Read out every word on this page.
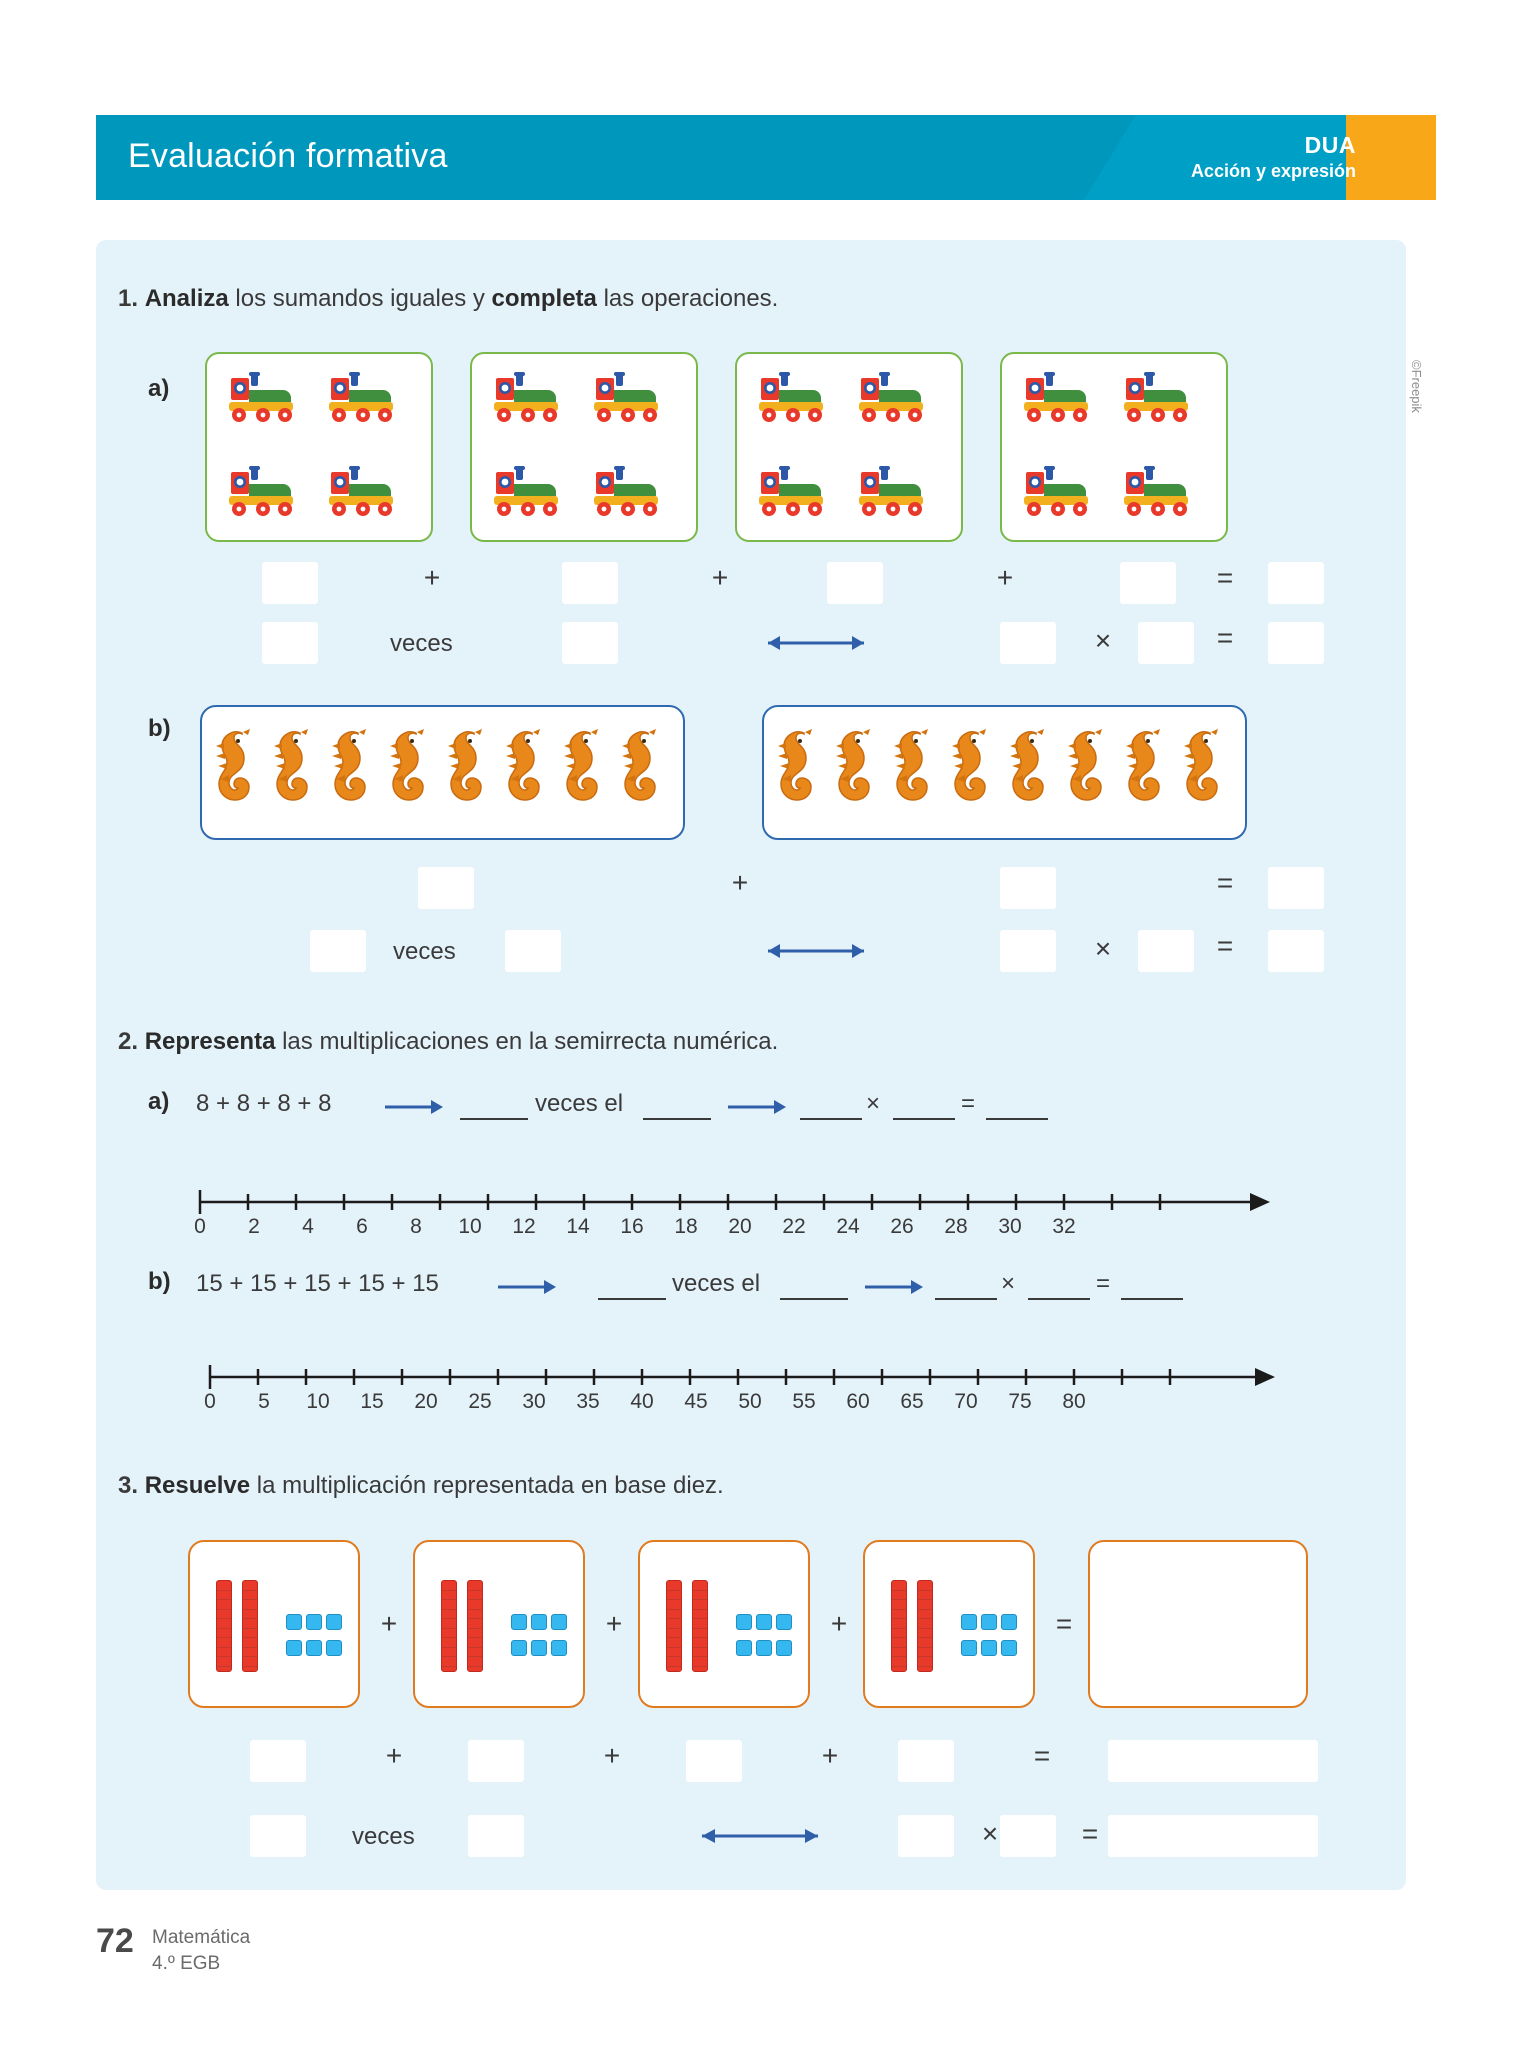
Evaluación formativa	DUA
Acción y expresión
©Freepik
1. Analiza los sumandos iguales y completa las operaciones.
a)
+	+	+	=
veces	×	=
b)
+	=
veces	×	=
2. Representa las multiplicaciones en la semirrecta numérica.
a) 8 + 8 + 8 + 8	veces el	×	=
0	2	4	6	8	10	12	14	16	18	20	22	24	26	28	30	32
b) 15 + 15 + 15 + 15 + 15	veces el	×	=
0	5	10	15	20	25	30	35	40	45	50	55	60	65	70	75	80
3. Resuelve la multiplicación representada en base diez.
+	+	+	=
+	+	+	=
veces	×	=
72 Matemática
4.º EGB
